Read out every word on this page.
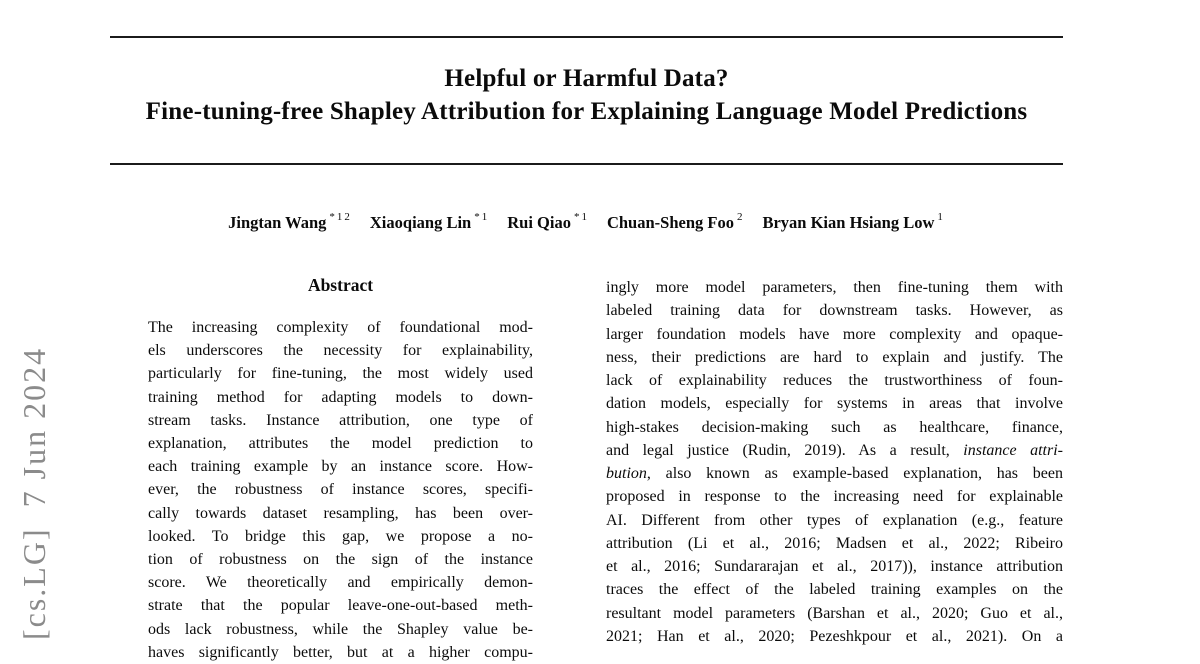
[cs.LG]  7 Jun 2024
Helpful or Harmful Data?
Fine-tuning-free Shapley Attribution for Explaining Language Model Predictions
Jingtan Wang $^{*12}$ Xiaoqiang Lin $^{*1}$ Rui Qiao $^{*1}$ Chuan-Sheng Foo $^2$ Bryan Kian Hsiang Low $^1$
Abstract
The increasing complexity of foundational mod-
els underscores the necessity for explainability,
particularly for fine-tuning, the most widely used
training method for adapting models to down-
stream tasks. Instance attribution, one type of
explanation, attributes the model prediction to
each training example by an instance score. How-
ever, the robustness of instance scores, specifi-
cally towards dataset resampling, has been over-
looked. To bridge this gap, we propose a no-
tion of robustness on the sign of the instance
score. We theoretically and empirically demon-
strate that the popular leave-one-out-based meth-
ods lack robustness, while the Shapley value be-
haves significantly better, but at a higher compu-
ingly more model parameters, then fine-tuning them with
labeled training data for downstream tasks. However, as
larger foundation models have more complexity and opaque-
ness, their predictions are hard to explain and justify. The
lack of explainability reduces the trustworthiness of foun-
dation models, especially for systems in areas that involve
high-stakes decision-making such as healthcare, finance,
and legal justice (Rudin, 2019). As a result, instance attri-
bution, also known as example-based explanation, has been
proposed in response to the increasing need for explainable
AI. Different from other types of explanation (e.g., feature
attribution (Li et al., 2016; Madsen et al., 2022; Ribeiro
et al., 2016; Sundararajan et al., 2017)), instance attribution
traces the effect of the labeled training examples on the
resultant model parameters (Barshan et al., 2020; Guo et al.,
2021; Han et al., 2020; Pezeshkpour et al., 2021). On a
